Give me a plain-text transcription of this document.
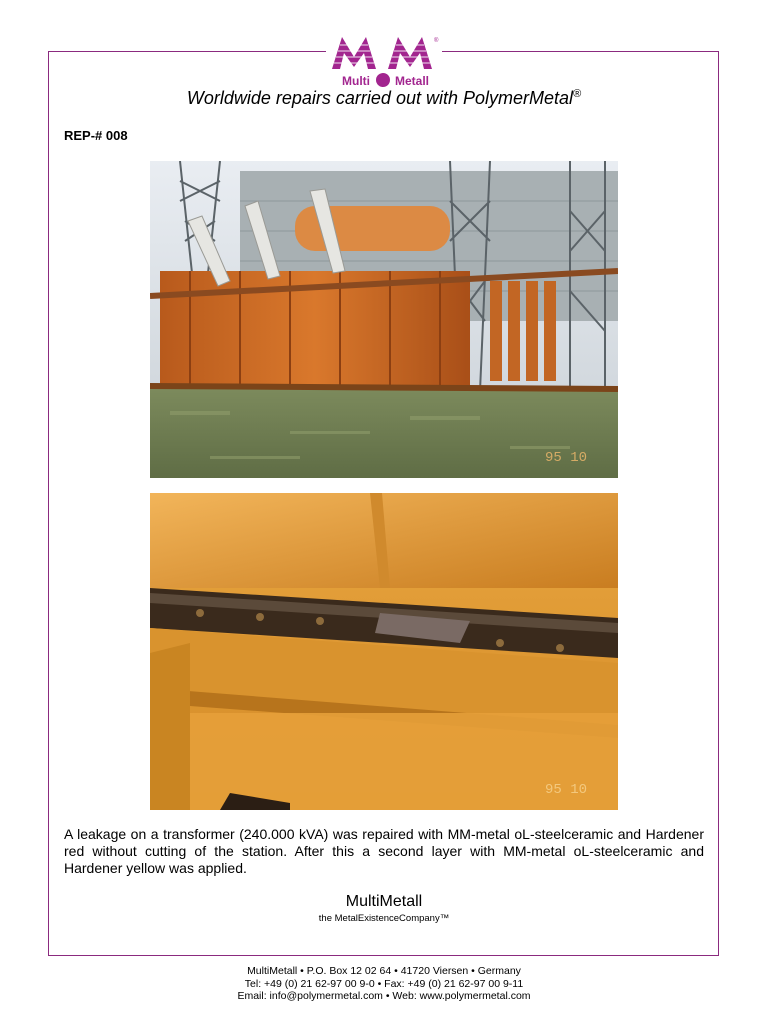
®
Multi Metall
Worldwide repairs carried out with PolymerMetal®
REP-# 008
95 10
95 10
A leakage on a transformer (240.000 kVA) was repaired with MM-metal oL-steelceramic and Hardener red without cutting of the station. After this a second layer with MM-metal oL-steelceramic and Hardener yellow was applied.
MultiMetall
the MetalExistenceCompany™
MultiMetall • P.O. Box 12 02 64 • 41720 Viersen • Germany
Tel: +49 (0) 21 62-97 00 9-0 • Fax: +49 (0) 21 62-97 00 9-11
Email: info@polymermetal.com • Web: www.polymermetal.com
